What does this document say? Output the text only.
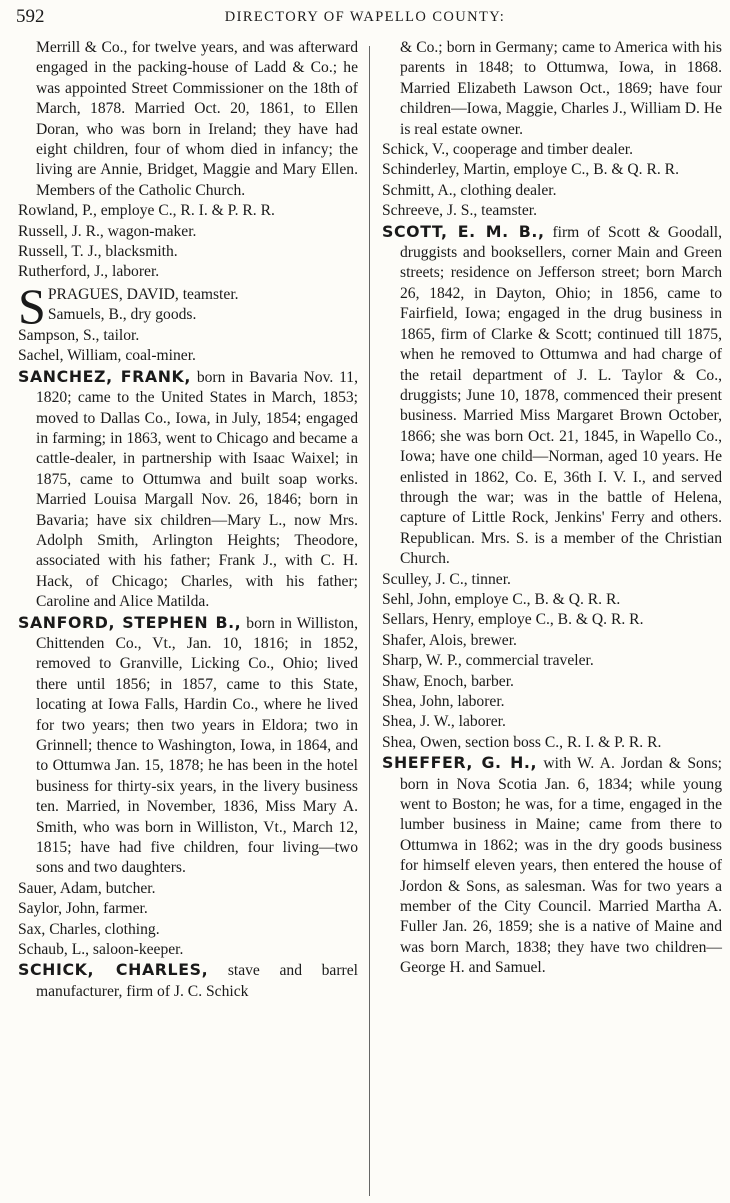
592	DIRECTORY OF WAPELLO COUNTY:

Merrill & Co., for twelve years, and was afterward engaged in the packing-house of Ladd & Co.; he was appointed Street Commissioner on the 18th of March, 1878. Married Oct. 20, 1861, to Ellen Doran, who was born in Ireland; they have had eight children, four of whom died in infancy; the living are Annie, Bridget, Maggie and Mary Ellen. Members of the Catholic Church.

Rowland, P., employe C., R. I. & P. R. R.

Russell, J. R., wagon-maker.

Russell, T. J., blacksmith.

Rutherford, J., laborer.

S PRAGUES, DAVID, teamster.
Samuels, B., dry goods.

Sampson, S., tailor.

Sachel, William, coal-miner.

SANCHEZ, FRANK, born in Bavaria Nov. 11, 1820; came to the United States in March, 1853; moved to Dallas Co., Iowa, in July, 1854; engaged in farming; in 1863, went to Chicago and became a cattle-dealer, in partnership with Isaac Waixel; in 1875, came to Ottumwa and built soap works. Married Louisa Margall Nov. 26, 1846; born in Bavaria; have six children—Mary L., now Mrs. Adolph Smith, Arlington Heights; Theodore, associated with his father; Frank J., with C. H. Hack, of Chicago; Charles, with his father; Caroline and Alice Matilda.

SANFORD, STEPHEN B., born in Williston, Chittenden Co., Vt., Jan. 10, 1816; in 1852, removed to Granville, Licking Co., Ohio; lived there until 1856; in 1857, came to this State, locating at Iowa Falls, Hardin Co., where he lived for two years; then two years in Eldora; two in Grinnell; thence to Washington, Iowa, in 1864, and to Ottumwa Jan. 15, 1878; he has been in the hotel business for thirty-six years, in the livery business ten. Married, in November, 1836, Miss Mary A. Smith, who was born in Williston, Vt., March 12, 1815; have had five children, four living—two sons and two daughters.

Sauer, Adam, butcher.

Saylor, John, farmer.

Sax, Charles, clothing.

Schaub, L., saloon-keeper.

SCHICK, CHARLES, stave and barrel manufacturer, firm of J. C. Schick

& Co.; born in Germany; came to America with his parents in 1848; to Ottumwa, Iowa, in 1868. Married Elizabeth Lawson Oct., 1869; have four children—Iowa, Maggie, Charles J., William D. He is real estate owner.

Schick, V., cooperage and timber dealer.

Schinderley, Martin, employe C., B. & Q. R. R.

Schmitt, A., clothing dealer.

Schreeve, J. S., teamster.

SCOTT, E. M. B., firm of Scott & Goodall, druggists and booksellers, corner Main and Green streets; residence on Jefferson street; born March 26, 1842, in Dayton, Ohio; in 1856, came to Fairfield, Iowa; engaged in the drug business in 1865, firm of Clarke & Scott; continued till 1875, when he removed to Ottumwa and had charge of the retail department of J. L. Taylor & Co., druggists; June 10, 1878, commenced their present business. Married Miss Margaret Brown October, 1866; she was born Oct. 21, 1845, in Wapello Co., Iowa; have one child—Norman, aged 10 years. He enlisted in 1862, Co. E, 36th I. V. I., and served through the war; was in the battle of Helena, capture of Little Rock, Jenkins' Ferry and others. Republican. Mrs. S. is a member of the Christian Church.

Sculley, J. C., tinner.

Sehl, John, employe C., B. & Q. R. R.

Sellars, Henry, employe C., B. & Q. R. R.

Shafer, Alois, brewer.

Sharp, W. P., commercial traveler.

Shaw, Enoch, barber.

Shea, John, laborer.

Shea, J. W., laborer.

Shea, Owen, section boss C., R. I. & P. R. R.

SHEFFER, G. H., with W. A. Jordan & Sons; born in Nova Scotia Jan. 6, 1834; while young went to Boston; he was, for a time, engaged in the lumber business in Maine; came from there to Ottumwa in 1862; was in the dry goods business for himself eleven years, then entered the house of Jordon & Sons, as salesman. Was for two years a member of the City Council. Married Martha A. Fuller Jan. 26, 1859; she is a native of Maine and was born March, 1838; they have two children—George H. and Samuel.
